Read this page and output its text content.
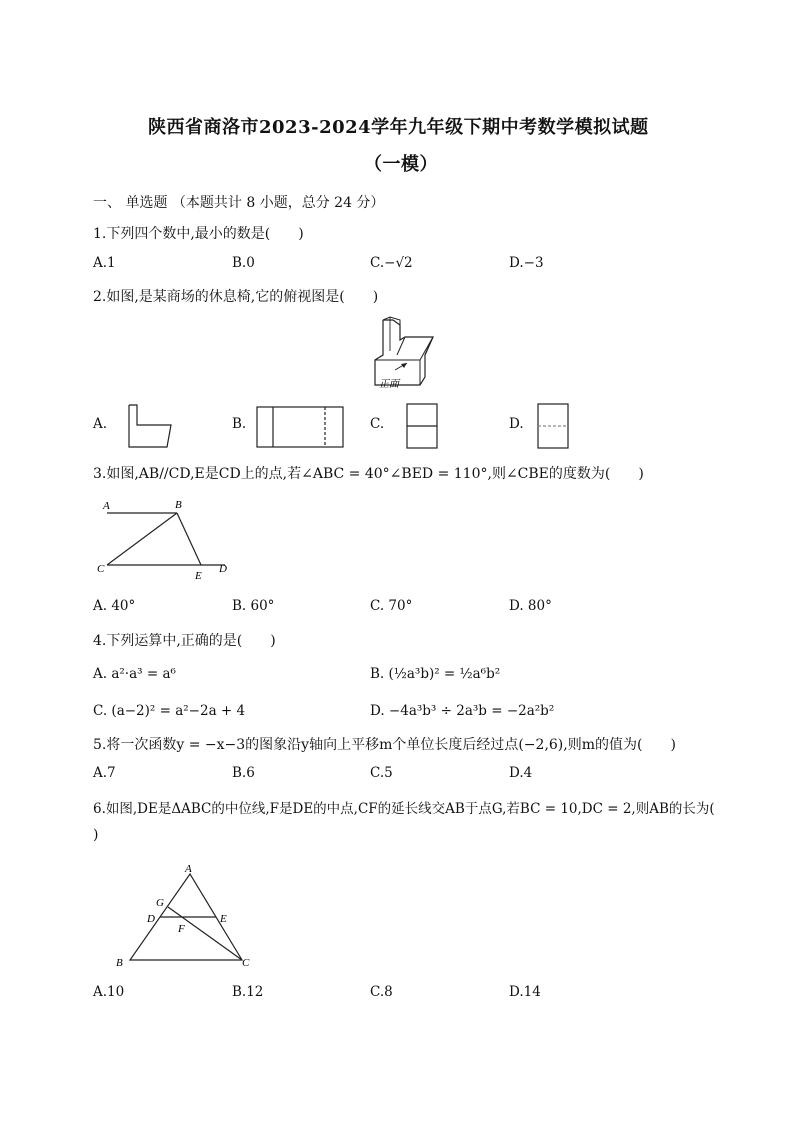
陕西省商洛市2023-2024学年九年级下期中考数学模拟试题
（一模）
一、 单选题 （本题共计 8 小题，总分 24 分）
1.下列四个数中,最小的数是(　　)
A.1	B.0	C.−√2	D.−3
2.如图,是某商场的休息椅,它的俯视图是(　　)
正面
A.	B.	C.	D.
3.如图,AB//CD,E是CD上的点,若∠ABC = 40°∠BED = 110°,则∠CBE的度数为(　　)
A	B
C
E
D
A. 40°	B. 60°	C. 70°	D. 80°
4.下列运算中,正确的是(　　)
A. a²·a³ = a⁶	B. (½a³b)² = ½a⁶b²
C. (a−2)² = a²−2a + 4	D. −4a³b³ ÷ 2a³b = −2a²b²
5.将一次函数y = −x−3的图象沿y轴向上平移m个单位长度后经过点(−2,6),则m的值为(　　)
A.7	B.6	C.5	D.4
6.如图,DE是ΔABC的中位线,F是DE的中点,CF的延长线交AB于点G,若BC = 10,DC = 2,则AB的长为(
)
A
G
D	E
F
B	C
A.10	B.12	C.8	D.14
